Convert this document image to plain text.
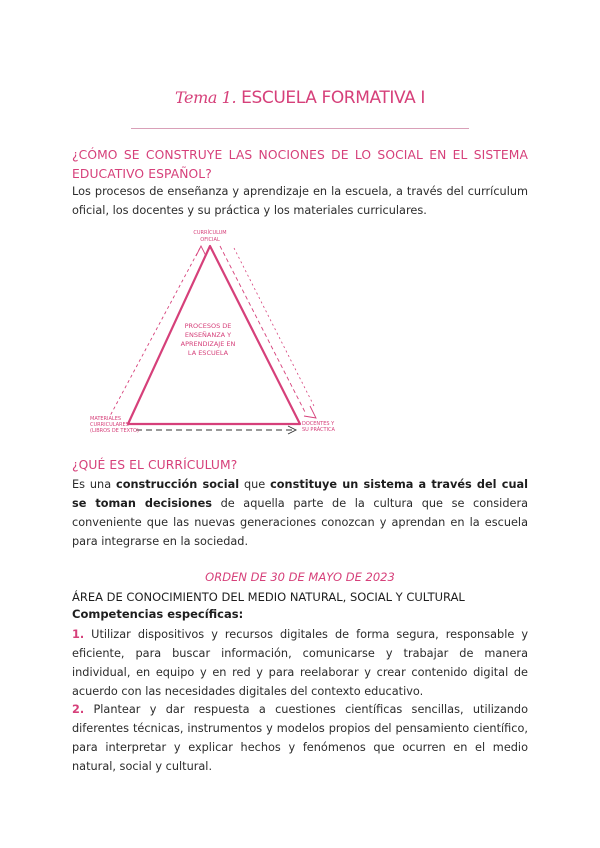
Tema 1. ESCUELA FORMATIVA I
¿CÓMO SE CONSTRUYE LAS NOCIONES DE LO SOCIAL EN EL SISTEMA EDUCATIVO ESPAÑOL?
Los procesos de enseñanza y aprendizaje en la escuela, a través del currículum oficial, los docentes y su práctica y los materiales curriculares.
CURRÍCULUM
OFICIAL
MATERIALES
CURRICULARES
(LIBROS DE TEXTO)
DOCENTES Y
SU PRÁCTICA
PROCESOS DE
ENSEÑANZA Y
APRENDIZAJE EN
LA ESCUELA
¿QUÉ ES EL CURRÍCULUM?
Es una construcción social que constituye un sistema a través del cual se toman decisiones de aquella parte de la cultura que se considera conveniente que las nuevas generaciones conozcan y aprendan en la escuela para integrarse en la sociedad.
ORDEN DE 30 DE MAYO DE 2023
ÁREA DE CONOCIMIENTO DEL MEDIO NATURAL, SOCIAL Y CULTURAL
Competencias específicas:
1. Utilizar dispositivos y recursos digitales de forma segura, responsable y eficiente, para buscar información, comunicarse y trabajar de manera individual, en equipo y en red y para reelaborar y crear contenido digital de acuerdo con las necesidades digitales del contexto educativo.
2. Plantear y dar respuesta a cuestiones científicas sencillas, utilizando diferentes técnicas, instrumentos y modelos propios del pensamiento científico, para interpretar y explicar hechos y fenómenos que ocurren en el medio natural, social y cultural.
